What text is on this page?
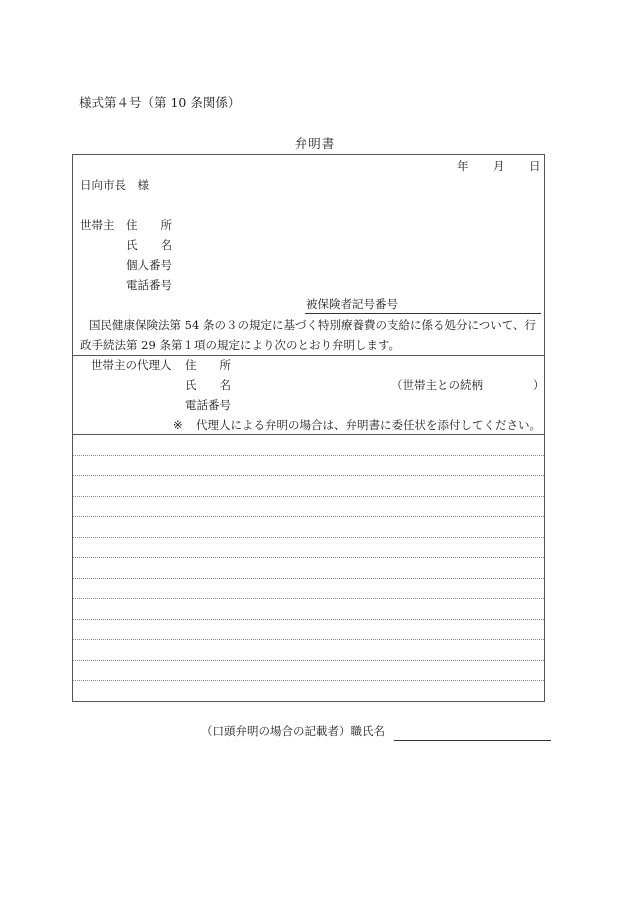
様式第４号（第 10 条関係）
弁明書
年 月 日
日向市長　様
世帯主 住　　所
氏　　名
個人番号
電話番号
被保険者記号番号
国民健康保険法第 54 条の３の規定に基づく特別療養費の支給に係る処分について、行
政手続法第 29 条第１項の規定により次のとおり弁明します。
世帯主の代理人 住　　所
氏　　名	（世帯主との続柄	）
電話番号
※ 代理人による弁明の場合は、弁明書に委任状を添付してください。
（口頭弁明の場合の記載者）職氏名
